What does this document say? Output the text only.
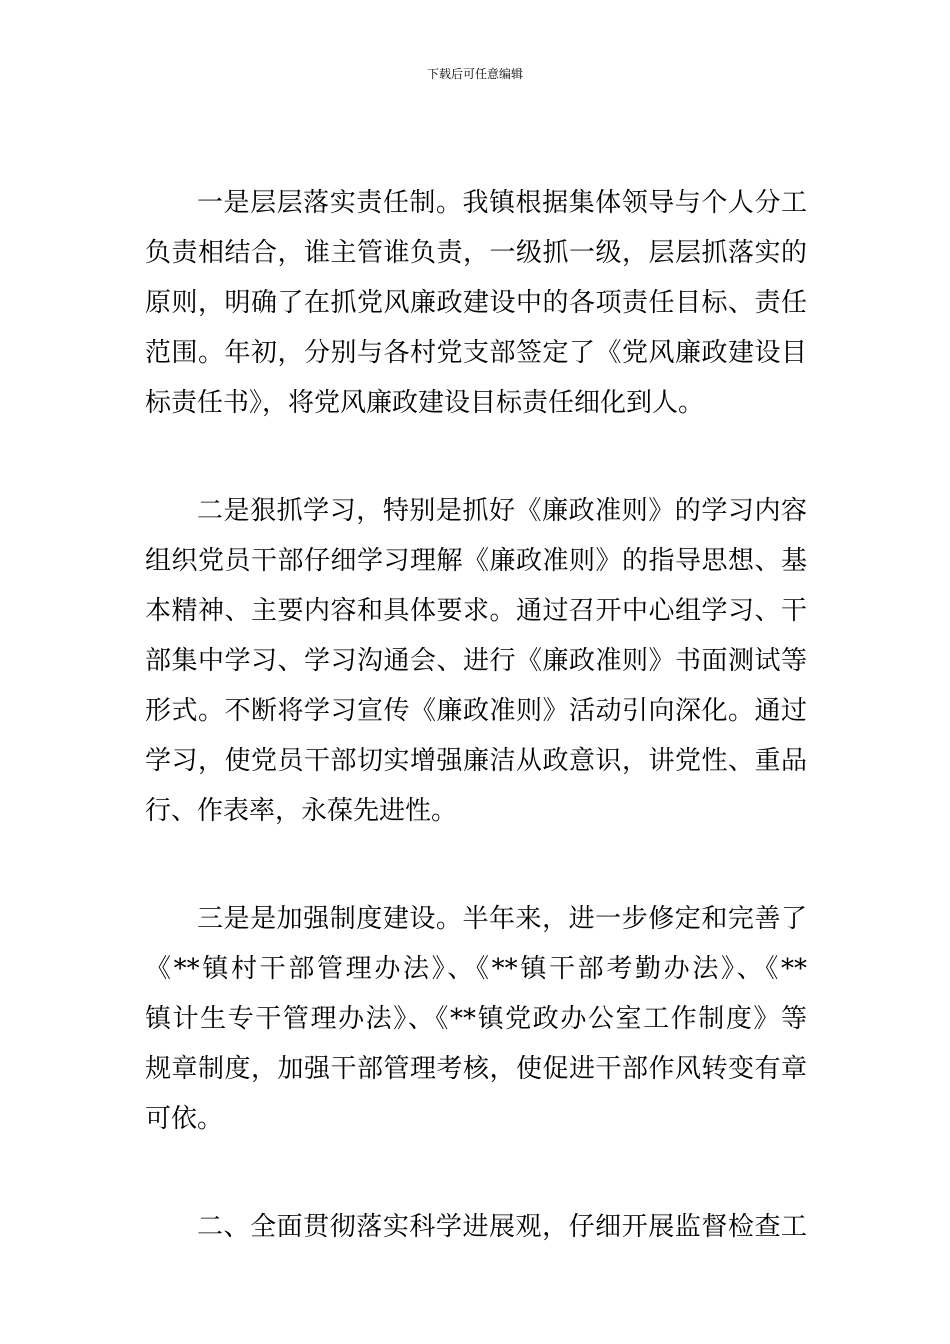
下载后可任意编辑

一是层层落实责任制。我镇根据集体领导与个人分工
负责相结合，谁主管谁负责，一级抓一级，层层抓落实的
原则，明确了在抓党风廉政建设中的各项责任目标、责任
范围。年初，分别与各村党支部签定了《党风廉政建设目
标责任书》，将党风廉政建设目标责任细化到人。

二是狠抓学习，特别是抓好《廉政准则》的学习内容
组织党员干部仔细学习理解《廉政准则》的指导思想、基
本精神、主要内容和具体要求。通过召开中心组学习、干
部集中学习、学习沟通会、进行《廉政准则》书面测试等
形式。不断将学习宣传《廉政准则》活动引向深化。通过
学习，使党员干部切实增强廉洁从政意识，讲党性、重品
行、作表率，永葆先进性。

三是是加强制度建设。半年来，进一步修定和完善了
《**镇村干部管理办法》、《**镇干部考勤办法》、《**
镇计生专干管理办法》、《**镇党政办公室工作制度》等
规章制度，加强干部管理考核，使促进干部作风转变有章
可依。

二、全面贯彻落实科学进展观，仔细开展监督检查工
